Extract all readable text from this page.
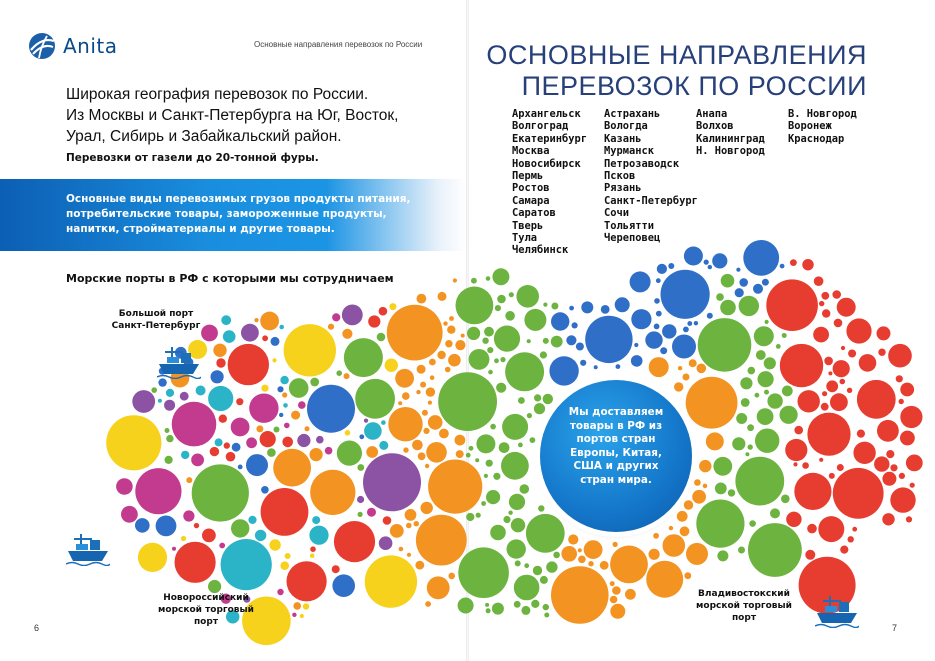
Anita	Основные направления перевозок по России ОСНОВНЫЕ НАПРАВЛЕНИЯ
ПЕРЕВОЗОК ПО РОССИИ
Широкая география перевозок по России.
Из Москвы и Санкт-Петербурга на Юг, Восток,
Урал, Сибирь и Забайкальский район.
Перевозки от газели до 20-тонной фуры.
Основные виды перевозимых грузов продукты питания,
потребительские товары, замороженные продукты,
напитки, стройматериалы и другие товары.
Морские порты в РФ с которыми мы сотрудничаем
Архангельск
Волгоград
Екатеринбург
Москва
Новосибирск
Пермь
Ростов
Самара
Саратов
Тверь
Тула
Челябинск
Астрахань
Вологда
Казань
Мурманск
Петрозаводск
Псков
Рязань
Санкт-Петербург
Сочи
Тольятти
Череповец
Анапа
Волхов
Калининград
Н. Новгород
В. Новгород
Воронеж
Краснодар
Мы доставляем
товары в РФ из
портов стран
Европы, Китая,
США и других
стран мира.
Большой порт
Санкт-Петербург
Новороссийский
морской торговый
порт
Владивостокский
морской торговый
порт
6	7
